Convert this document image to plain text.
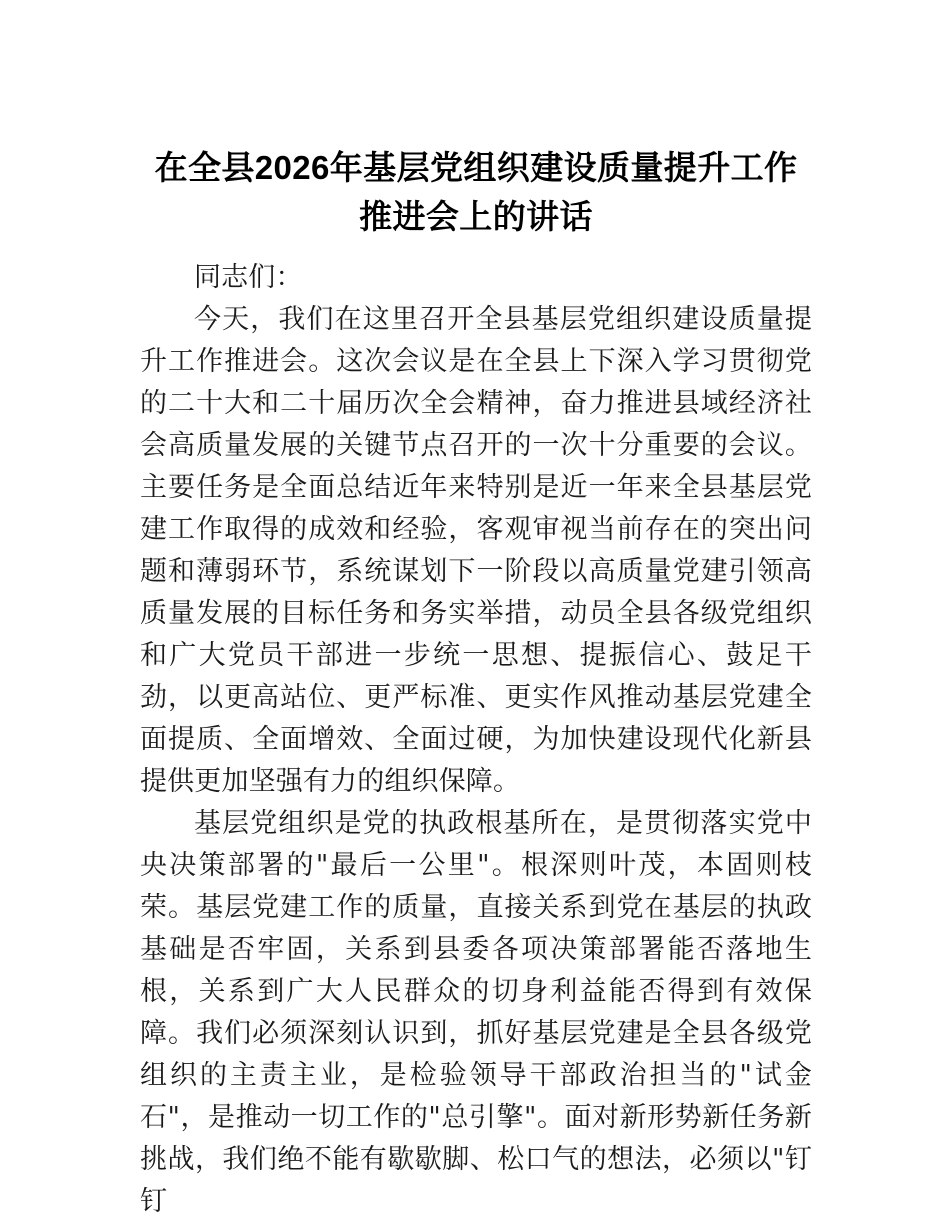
在全县2026年基层党组织建设质量提升工作推进会上的讲话

同志们：

今天，我们在这里召开全县基层党组织建设质量提升工作推进会。这次会议是在全县上下深入学习贯彻党的二十大和二十届历次全会精神，奋力推进县域经济社会高质量发展的关键节点召开的一次十分重要的会议。主要任务是全面总结近年来特别是近一年来全县基层党建工作取得的成效和经验，客观审视当前存在的突出问题和薄弱环节，系统谋划下一阶段以高质量党建引领高质量发展的目标任务和务实举措，动员全县各级党组织和广大党员干部进一步统一思想、提振信心、鼓足干劲，以更高站位、更严标准、更实作风推动基层党建全面提质、全面增效、全面过硬，为加快建设现代化新县提供更加坚强有力的组织保障。

基层党组织是党的执政根基所在，是贯彻落实党中央决策部署的"最后一公里"。根深则叶茂，本固则枝荣。基层党建工作的质量，直接关系到党在基层的执政基础是否牢固，关系到县委各项决策部署能否落地生根，关系到广大人民群众的切身利益能否得到有效保障。我们必须深刻认识到，抓好基层党建是全县各级党组织的主责主业，是检验领导干部政治担当的"试金石"，是推动一切工作的"总引擎"。面对新形势新任务新挑战，我们绝不能有歇歇脚、松口气的想法，必须以"钉钉
